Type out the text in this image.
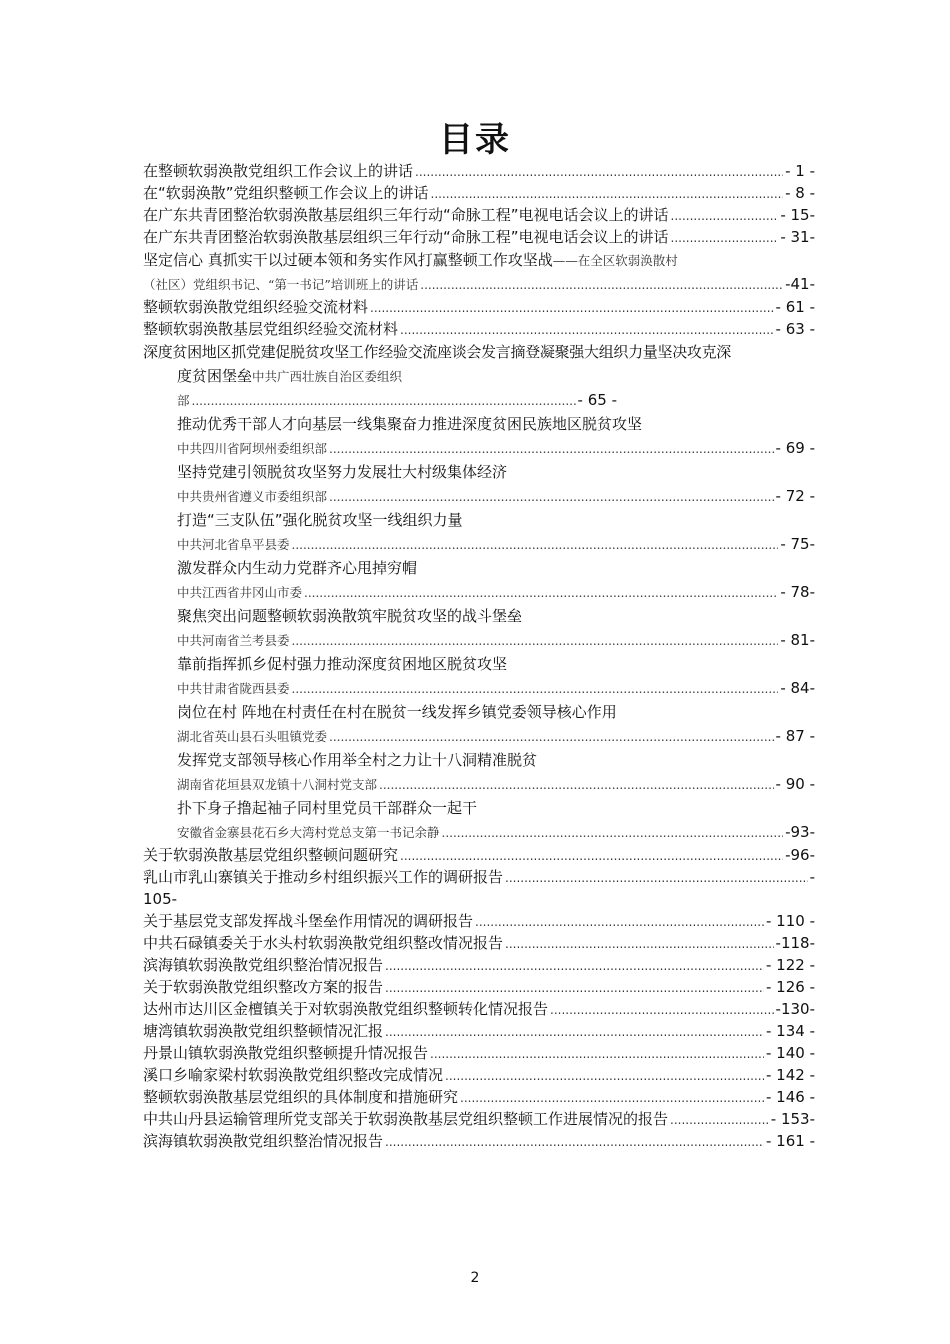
目录
在整顿软弱涣散党组织工作会议上的讲话 .....	- 1 -
在“软弱涣散”党组织整顿工作会议上的讲话 .....	- 8 -
在广东共青团整治软弱涣散基层组织三年行动“命脉工程”电视电话会议上的讲话 .....	- 15-
在广东共青团整治软弱涣散基层组织三年行动“命脉工程”电视电话会议上的讲话 .....	- 31-
坚定信心 真抓实干以过硬本领和务实作风打赢整顿工作攻坚战——在全区软弱涣散村
（社区）党组织书记、“第一书记”培训班上的讲话 .....	-41-
整顿软弱涣散党组织经验交流材料 .....	- 61 -
整顿软弱涣散基层党组织经验交流材料 .....	- 63 -
深度贫困地区抓党建促脱贫攻坚工作经验交流座谈会发言摘登凝聚强大组织力量坚决攻克深
度贫困堡垒中共广西壮族自治区委组织
部 .....	- 65 -
推动优秀干部人才向基层一线集聚奋力推进深度贫困民族地区脱贫攻坚
中共四川省阿坝州委组织部 .....	- 69 -
坚持党建引领脱贫攻坚努力发展壮大村级集体经济
中共贵州省遵义市委组织部 .....	- 72 -
打造“三支队伍”强化脱贫攻坚一线组织力量
中共河北省阜平县委 .....	- 75-
激发群众内生动力党群齐心甩掉穷帽
中共江西省井冈山市委 .....	- 78-
聚焦突出问题整顿软弱涣散筑牢脱贫攻坚的战斗堡垒
中共河南省兰考县委 .....	- 81-
靠前指挥抓乡促村强力推动深度贫困地区脱贫攻坚
中共甘肃省陇西县委 .....	- 84-
岗位在村 阵地在村责任在村在脱贫一线发挥乡镇党委领导核心作用
湖北省英山县石头咀镇党委 .....	- 87 -
发挥党支部领导核心作用举全村之力让十八洞精准脱贫
湖南省花垣县双龙镇十八洞村党支部 .....	- 90 -
扑下身子撸起袖子同村里党员干部群众一起干
安徽省金寨县花石乡大湾村党总支第一书记余静 .....	-93-
关于软弱涣散基层党组织整顿问题研究 .....	-96-
乳山市乳山寨镇关于推动乡村组织振兴工作的调研报告 .....	-
105-
关于基层党支部发挥战斗堡垒作用情况的调研报告 .....	- 110 -
中共石碌镇委关于水头村软弱涣散党组织整改情况报告 .....	-118-
滨海镇软弱涣散党组织整治情况报告 .....	- 122 -
关于软弱涣散党组织整改方案的报告 .....	- 126 -
达州市达川区金檀镇关于对软弱涣散党组织整顿转化情况报告 .....	-130-
塘湾镇软弱涣散党组织整顿情况汇报 .....	- 134 -
丹景山镇软弱涣散党组织整顿提升情况报告 .....	- 140 -
溪口乡喻家梁村软弱涣散党组织整改完成情况 .....	- 142 -
整顿软弱涣散基层党组织的具体制度和措施研究 .....	- 146 -
中共山丹县运输管理所党支部关于软弱涣散基层党组织整顿工作进展情况的报告 .....	- 153-
滨海镇软弱涣散党组织整治情况报告 .....	- 161 -
2
